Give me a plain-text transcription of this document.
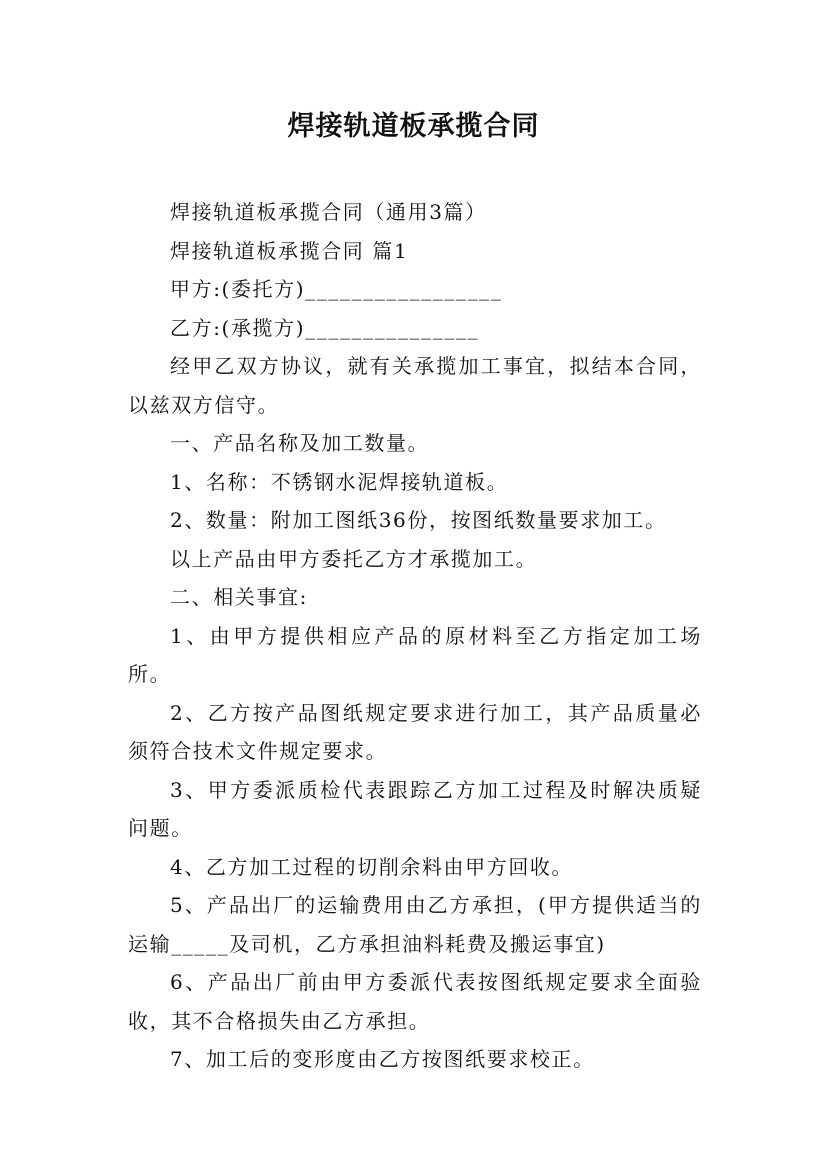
焊接轨道板承揽合同

焊接轨道板承揽合同（通用3篇）

焊接轨道板承揽合同 篇1

甲方:(委托方)_________________

乙方:(承揽方)_______________

经甲乙双方协议，就有关承揽加工事宜，拟结本合同，以兹双方信守。

一、产品名称及加工数量。

1、名称：不锈钢水泥焊接轨道板。

2、数量：附加工图纸36份，按图纸数量要求加工。

以上产品由甲方委托乙方才承揽加工。

二、相关事宜:

1、由甲方提供相应产品的原材料至乙方指定加工场所。

2、乙方按产品图纸规定要求进行加工，其产品质量必须符合技术文件规定要求。

3、甲方委派质检代表跟踪乙方加工过程及时解决质疑问题。

4、乙方加工过程的切削余料由甲方回收。

5、产品出厂的运输费用由乙方承担，(甲方提供适当的运输_____及司机，乙方承担油料耗费及搬运事宜)

6、产品出厂前由甲方委派代表按图纸规定要求全面验收，其不合格损失由乙方承担。

7、加工后的变形度由乙方按图纸要求校正。
